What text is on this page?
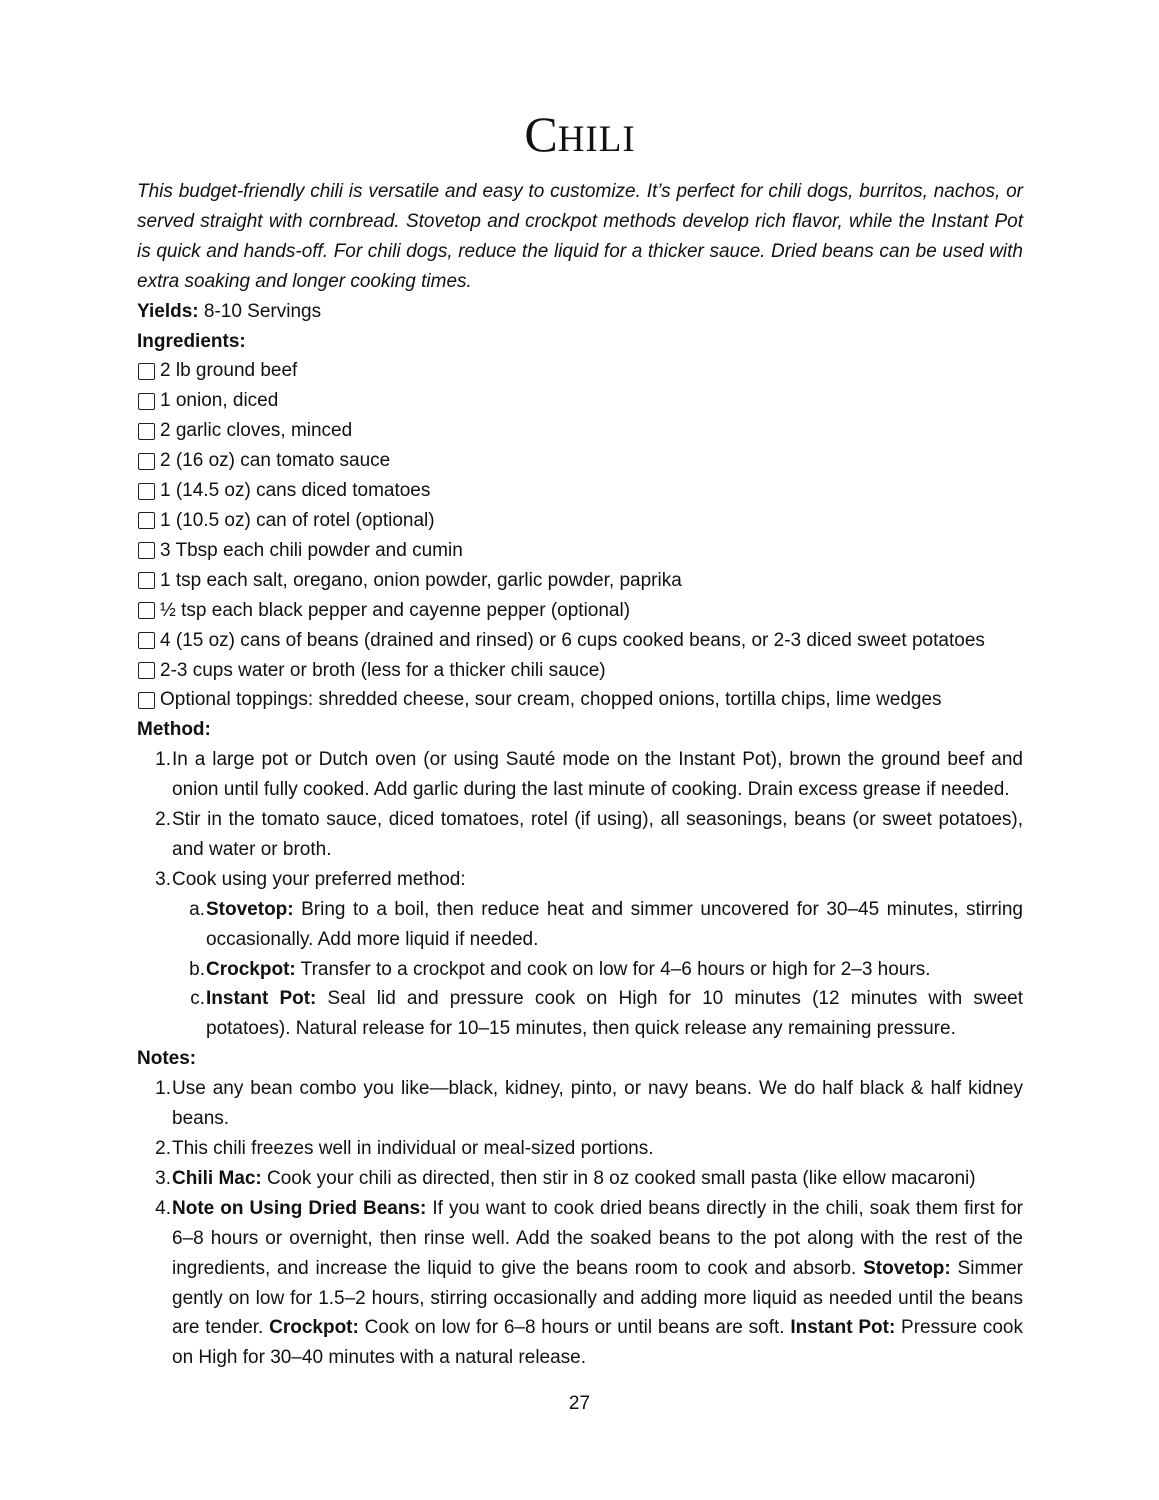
CHILI

This budget-friendly chili is versatile and easy to customize. It’s perfect for chili dogs, burritos, nachos, or served straight with cornbread. Stovetop and crockpot methods develop rich flavor, while the Instant Pot is quick and hands-off. For chili dogs, reduce the liquid for a thicker sauce. Dried beans can be used with extra soaking and longer cooking times.

Yields: 8-10 Servings
Ingredients:
2 lb ground beef
1 onion, diced
2 garlic cloves, minced
2 (16 oz) can tomato sauce
1 (14.5 oz) cans diced tomatoes
1 (10.5 oz) can of rotel (optional)
3 Tbsp each chili powder and cumin
1 tsp each salt, oregano, onion powder, garlic powder, paprika
½ tsp each black pepper and cayenne pepper (optional)
4 (15 oz) cans of beans (drained and rinsed) or 6 cups cooked beans, or 2-3 diced sweet potatoes
2-3 cups water or broth (less for a thicker chili sauce)
Optional toppings: shredded cheese, sour cream, chopped onions, tortilla chips, lime wedges
Method:
1. In a large pot or Dutch oven (or using Sauté mode on the Instant Pot), brown the ground beef and onion until fully cooked. Add garlic during the last minute of cooking. Drain excess grease if needed.
2. Stir in the tomato sauce, diced tomatoes, rotel (if using), all seasonings, beans (or sweet potatoes), and water or broth.
3. Cook using your preferred method:
a. Stovetop: Bring to a boil, then reduce heat and simmer uncovered for 30–45 minutes, stirring occasionally. Add more liquid if needed.
b. Crockpot: Transfer to a crockpot and cook on low for 4–6 hours or high for 2–3 hours.
c. Instant Pot: Seal lid and pressure cook on High for 10 minutes (12 minutes with sweet potatoes). Natural release for 10–15 minutes, then quick release any remaining pressure.
Notes:
1. Use any bean combo you like—black, kidney, pinto, or navy beans. We do half black & half kidney beans.
2. This chili freezes well in individual or meal-sized portions.
3. Chili Mac: Cook your chili as directed, then stir in 8 oz cooked small pasta (like ellow macaroni)
4. Note on Using Dried Beans: If you want to cook dried beans directly in the chili, soak them first for 6–8 hours or overnight, then rinse well. Add the soaked beans to the pot along with the rest of the ingredients, and increase the liquid to give the beans room to cook and absorb. Stovetop: Simmer gently on low for 1.5–2 hours, stirring occasionally and adding more liquid as needed until the beans are tender. Crockpot: Cook on low for 6–8 hours or until beans are soft. Instant Pot: Pressure cook on High for 30–40 minutes with a natural release.
27
